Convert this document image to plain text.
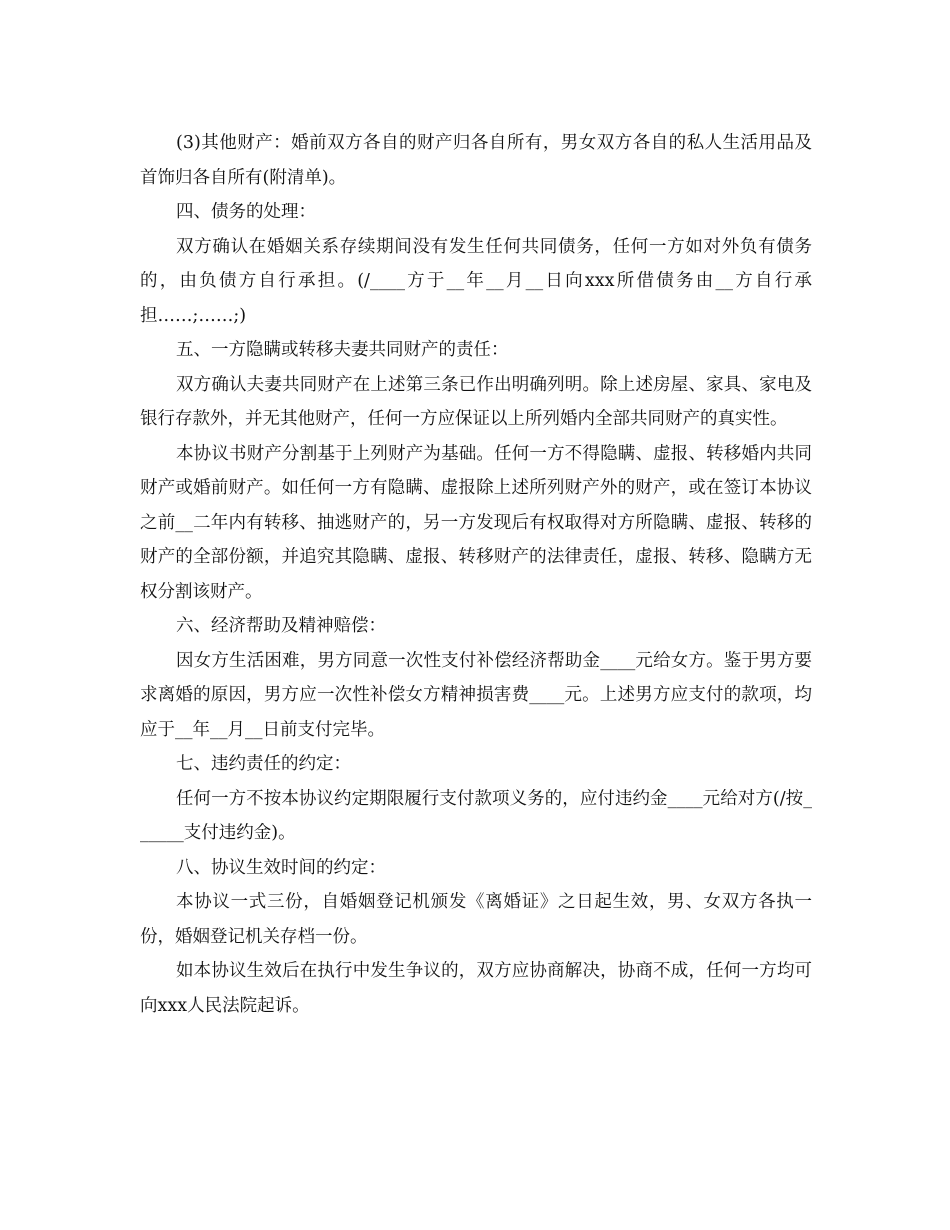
(3)其他财产：婚前双方各自的财产归各自所有，男女双方各自的私人生活用品及首饰归各自所有(附清单)。

四、债务的处理：

双方确认在婚姻关系存续期间没有发生任何共同债务，任何一方如对外负有债务的，由负债方自行承担。(/____方于__年__月__日向xxx所借债务由__方自行承担……;……;)

五、一方隐瞒或转移夫妻共同财产的责任：

双方确认夫妻共同财产在上述第三条已作出明确列明。除上述房屋、家具、家电及银行存款外，并无其他财产，任何一方应保证以上所列婚内全部共同财产的真实性。

本协议书财产分割基于上列财产为基础。任何一方不得隐瞒、虚报、转移婚内共同财产或婚前财产。如任何一方有隐瞒、虚报除上述所列财产外的财产，或在签订本协议之前__二年内有转移、抽逃财产的，另一方发现后有权取得对方所隐瞒、虚报、转移的财产的全部份额，并追究其隐瞒、虚报、转移财产的法律责任，虚报、转移、隐瞒方无权分割该财产。

六、经济帮助及精神赔偿：

因女方生活困难，男方同意一次性支付补偿经济帮助金____元给女方。鉴于男方要求离婚的原因，男方应一次性补偿女方精神损害费____元。上述男方应支付的款项，均应于__年__月__日前支付完毕。

七、违约责任的约定：

任何一方不按本协议约定期限履行支付款项义务的，应付违约金____元给对方(/按______支付违约金)。

八、协议生效时间的约定：

本协议一式三份，自婚姻登记机颁发《离婚证》之日起生效，男、女双方各执一份，婚姻登记机关存档一份。

如本协议生效后在执行中发生争议的，双方应协商解决，协商不成，任何一方均可向xxx人民法院起诉。
